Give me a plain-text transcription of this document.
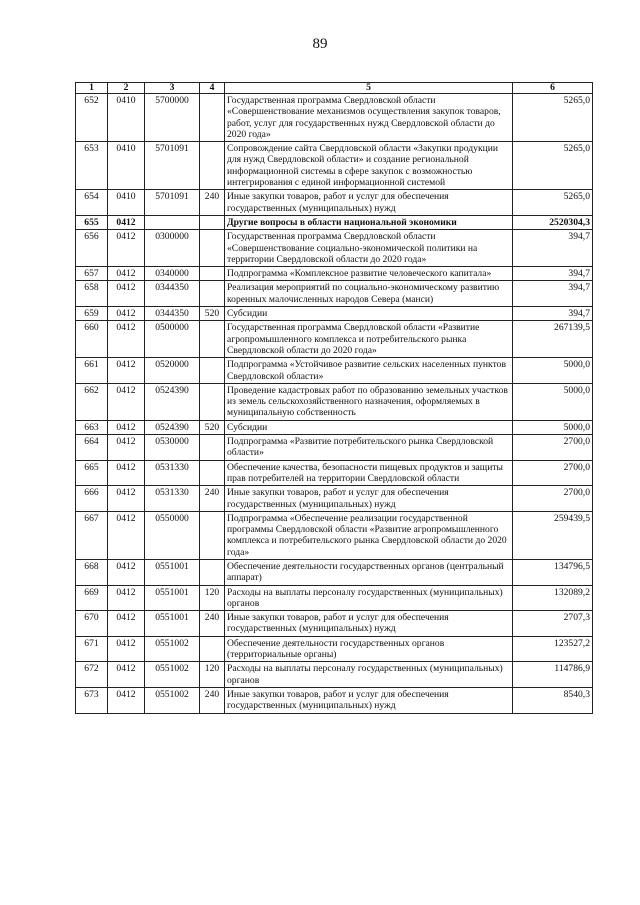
89
1	2	3	4	5	6
652	0410	5700000		Государственная программа Свердловской области «Совершенствование механизмов осуществления закупок товаров, работ, услуг для государственных нужд Свердловской области до 2020 года»	5265,0
653	0410	5701091		Сопровождение сайта Свердловской области «Закупки продукции для нужд Свердловской области» и создание региональной информационной системы в сфере закупок с возможностью интегрирования с единой информационной системой	5265,0
654	0410	5701091	240	Иные закупки товаров, работ и услуг для обеспечения государственных (муниципальных) нужд	5265,0
655	0412			Другие вопросы в области национальной экономики	2520304,3
656	0412	0300000		Государственная программа Свердловской области «Совершенствование социально-экономической политики на территории Свердловской области до 2020 года»	394,7
657	0412	0340000		Подпрограмма «Комплексное развитие человеческого капитала»	394,7
658	0412	0344350		Реализация мероприятий по социально-экономическому развитию коренных малочисленных народов Севера (манси)	394,7
659	0412	0344350	520	Субсидии	394,7
660	0412	0500000		Государственная программа Свердловской области «Развитие агропромышленного комплекса и потребительского рынка Свердловской области до 2020 года»	267139,5
661	0412	0520000		Подпрограмма «Устойчивое развитие сельских населенных пунктов Свердловской области»	5000,0
662	0412	0524390		Проведение кадастровых работ по образованию земельных участков из земель сельскохозяйственного назначения, оформляемых в муниципальную собственность	5000,0
663	0412	0524390	520	Субсидии	5000,0
664	0412	0530000		Подпрограмма «Развитие потребительского рынка Свердловской области»	2700,0
665	0412	0531330		Обеспечение качества, безопасности пищевых продуктов и защиты прав потребителей на территории Свердловской области	2700,0
666	0412	0531330	240	Иные закупки товаров, работ и услуг для обеспечения государственных (муниципальных) нужд	2700,0
667	0412	0550000		Подпрограмма «Обеспечение реализации государственной программы Свердловской области «Развитие агропромышленного комплекса и потребительского рынка Свердловской области до 2020 года»	259439,5
668	0412	0551001		Обеспечение деятельности государственных органов (центральный аппарат)	134796,5
669	0412	0551001	120	Расходы на выплаты персоналу государственных (муниципальных) органов	132089,2
670	0412	0551001	240	Иные закупки товаров, работ и услуг для обеспечения государственных (муниципальных) нужд	2707,3
671	0412	0551002		Обеспечение деятельности государственных органов (территориальные органы)	123527,2
672	0412	0551002	120	Расходы на выплаты персоналу государственных (муниципальных) органов	114786,9
673	0412	0551002	240	Иные закупки товаров, работ и услуг для обеспечения государственных (муниципальных) нужд	8540,3
